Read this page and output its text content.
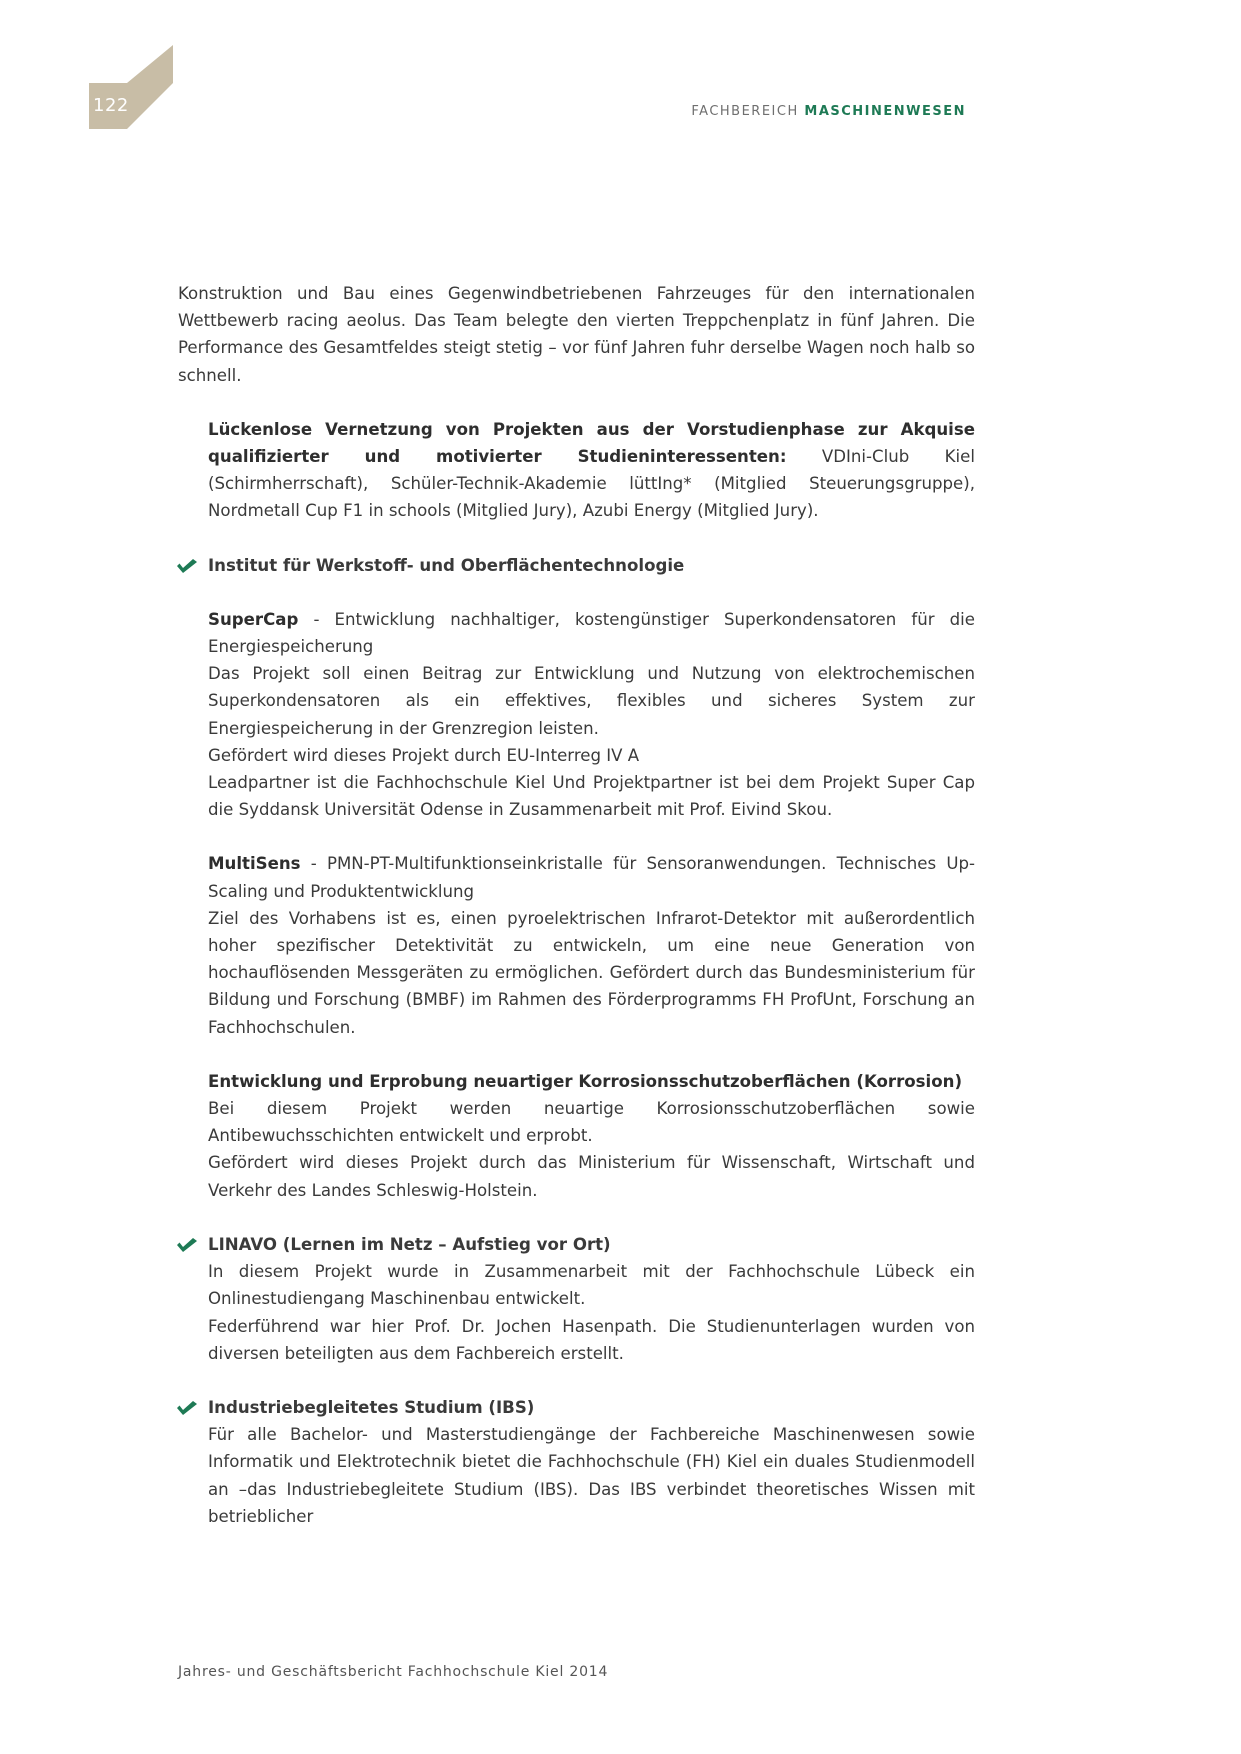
122	FACHBEREICH MASCHINENWESEN

Konstruktion und Bau eines Gegenwindbetriebenen Fahrzeuges für den internationalen Wettbewerb racing aeolus. Das Team belegte den vierten Treppchenplatz in fünf Jahren. Die Performance des Gesamtfeldes steigt stetig – vor fünf Jahren fuhr derselbe Wagen noch halb so schnell.

Lückenlose Vernetzung von Projekten aus der Vorstudienphase zur Akquise qualifizierter und motivierter Studieninteressenten: VDIni-Club Kiel (Schirmherrschaft), Schüler-Technik-Akademie lüttIng* (Mitglied Steuerungsgruppe), Nordmetall Cup F1 in schools (Mitglied Jury), Azubi Energy (Mitglied Jury).

Institut für Werkstoff- und Oberflächentechnologie

SuperCap - Entwicklung nachhaltiger, kostengünstiger Superkondensatoren für die Energiespeicherung

Das Projekt soll einen Beitrag zur Entwicklung und Nutzung von elektrochemischen Superkondensatoren als ein effektives, flexibles und sicheres System zur Energiespeicherung in der Grenzregion leisten.

Gefördert wird dieses Projekt durch EU-Interreg IV A

Leadpartner ist die Fachhochschule Kiel Und Projektpartner ist bei dem Projekt Super Cap die Syddansk Universität Odense in Zusammenarbeit mit Prof. Eivind Skou.

MultiSens - PMN-PT-Multifunktionseinkristalle für Sensoranwendungen. Technisches Up-Scaling und Produktentwicklung

Ziel des Vorhabens ist es, einen pyroelektrischen Infrarot-Detektor mit außerordentlich hoher spezifischer Detektivität zu entwickeln, um eine neue Generation von hochauflösenden Messgeräten zu ermöglichen. Gefördert durch das Bundesministerium für Bildung und Forschung (BMBF) im Rahmen des Förderprogramms FH ProfUnt, Forschung an Fachhochschulen.

Entwicklung und Erprobung neuartiger Korrosionsschutzoberflächen (Korrosion)

Bei diesem Projekt werden neuartige Korrosionsschutzoberflächen sowie Antibewuchsschichten entwickelt und erprobt.

Gefördert wird dieses Projekt durch das Ministerium für Wissenschaft, Wirtschaft und Verkehr des Landes Schleswig-Holstein.

LINAVO (Lernen im Netz – Aufstieg vor Ort)

In diesem Projekt wurde in Zusammenarbeit mit der Fachhochschule Lübeck ein Onlinestudiengang Maschinenbau entwickelt.

Federführend war hier Prof. Dr. Jochen Hasenpath. Die Studienunterlagen wurden von diversen beteiligten aus dem Fachbereich erstellt.

Industriebegleitetes Studium (IBS)

Für alle Bachelor- und Masterstudiengänge der Fachbereiche Maschinenwesen sowie Informatik und Elektrotechnik bietet die Fachhochschule (FH) Kiel ein duales Studienmodell an –das Industriebegleitete Studium (IBS). Das IBS verbindet theoretisches Wissen mit betrieblicher

Jahres- und Geschäftsbericht Fachhochschule Kiel 2014
